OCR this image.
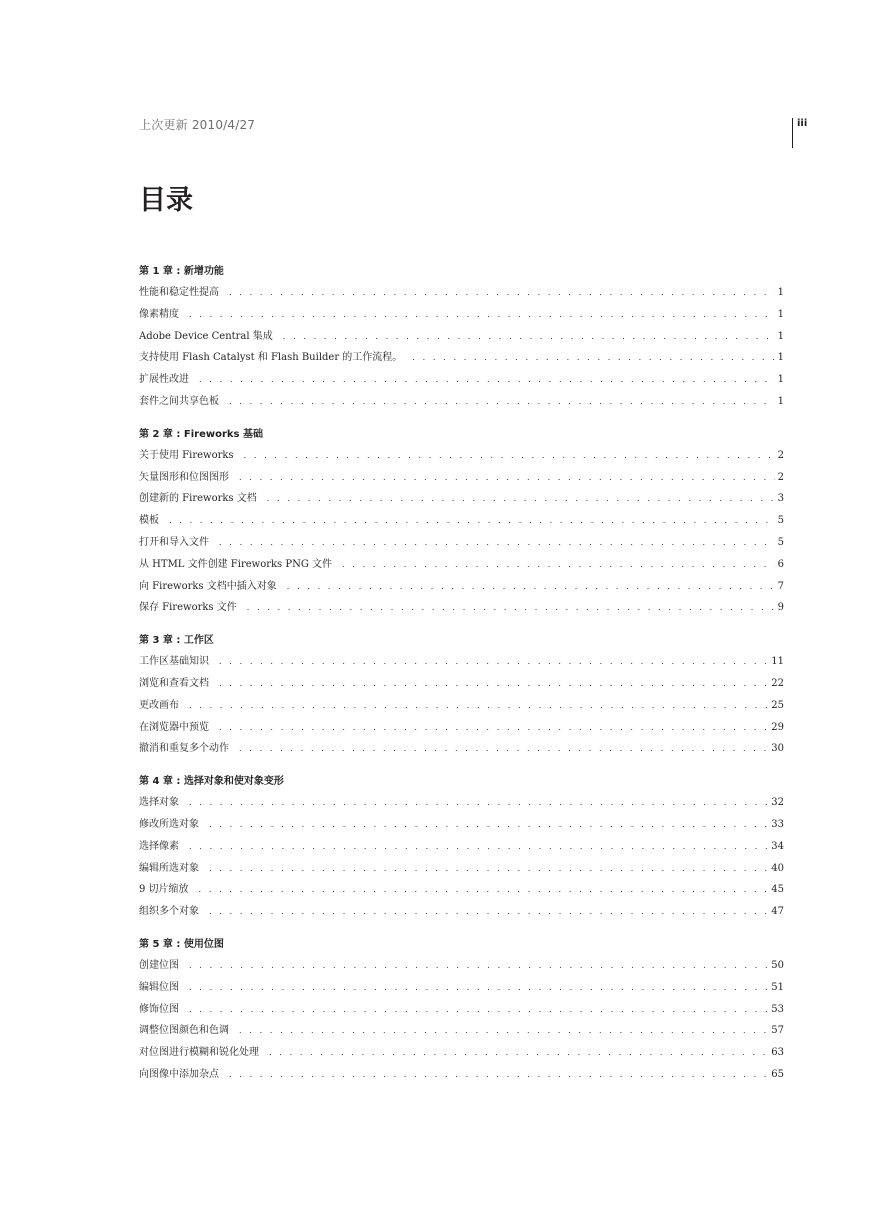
上次更新 2010/4/27	iii
目录
第 1 章 : 新增功能
性能和稳定性提高 . . .	1
像素精度 . . .	1
Adobe Device Central 集成 . . .	1
支持使用 Flash Catalyst 和 Flash Builder 的工作流程。 . . .	1
扩展性改进 . . .	1
套件之间共享色板 . . .	1
第 2 章 : Fireworks 基础
关于使用 Fireworks . . .	2
矢量图形和位图图形 . . .	2
创建新的 Fireworks 文档 . . .	3
模板 . . .	5
打开和导入文件 . . .	5
从 HTML 文件创建 Fireworks PNG 文件 . . .	6
向 Fireworks 文档中插入对象 . . .	7
保存 Fireworks 文件 . . .	9
第 3 章 : 工作区
工作区基础知识 . . .	11
浏览和查看文档 . . .	22
更改画布 . . .	25
在浏览器中预览 . . .	29
撤消和重复多个动作 . . .	30
第 4 章 : 选择对象和使对象变形
选择对象 . . .	32
修改所选对象 . . .	33
选择像素 . . .	34
编辑所选对象 . . .	40
9 切片缩放 . . .	45
组织多个对象 . . .	47
第 5 章 : 使用位图
创建位图 . . .	50
编辑位图 . . .	51
修饰位图 . . .	53
调整位图颜色和色调 . . .	57
对位图进行模糊和锐化处理 . . .	63
向图像中添加杂点 . . .	65
